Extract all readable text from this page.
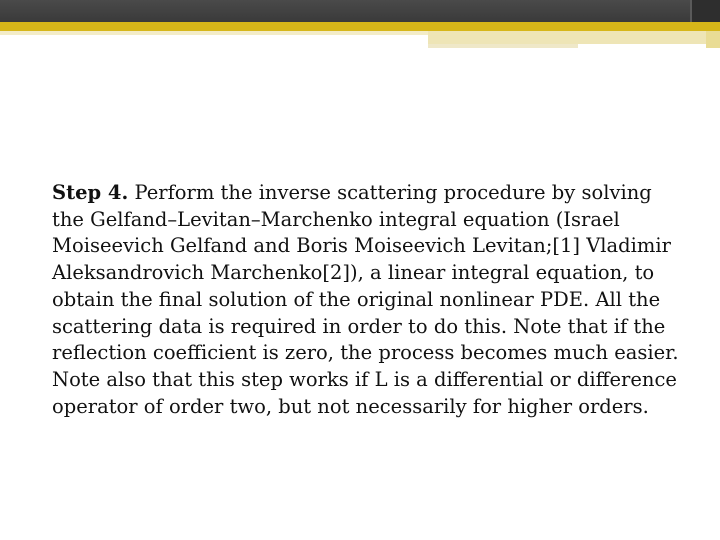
Step 4. Perform the inverse scattering procedure by solving the Gelfand–Levitan–Marchenko integral equation (Israel Moiseevich Gelfand and Boris Moiseevich Levitan;[1] Vladimir Aleksandrovich Marchenko[2]), a linear integral equation, to obtain the final solution of the original nonlinear PDE. All the scattering data is required in order to do this. Note that if the reflection coefficient is zero, the process becomes much easier. Note also that this step works if L is a differential or difference operator of order two, but not necessarily for higher orders.
